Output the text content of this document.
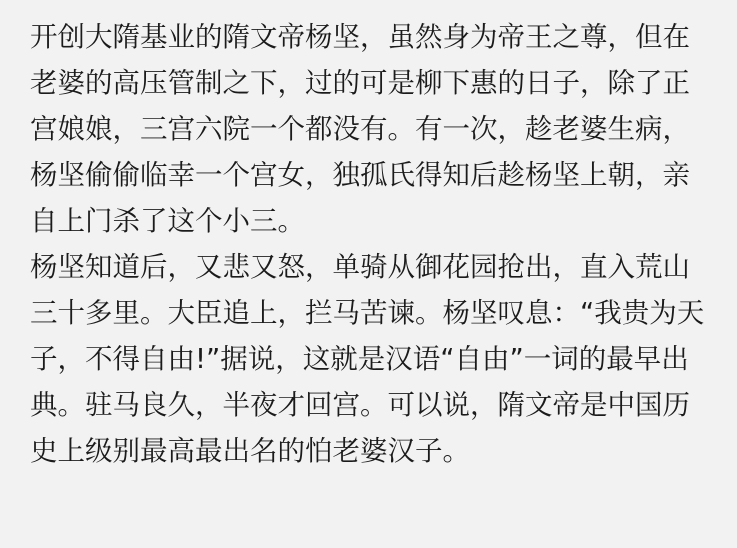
开创大隋基业的隋文帝杨坚，虽然身为帝王之尊，但在老婆的高压管制之下，过的可是柳下惠的日子，除了正宫娘娘，三宫六院一个都没有。有一次，趁老婆生病，杨坚偷偷临幸一个宫女，独孤氏得知后趁杨坚上朝，亲自上门杀了这个小三。

杨坚知道后，又悲又怒，单骑从御花园抢出，直入荒山三十多里。大臣追上，拦马苦谏。杨坚叹息：“我贵为天子，不得自由!”据说，这就是汉语“自由”一词的最早出典。驻马良久，半夜才回宫。可以说，隋文帝是中国历史上级别最高最出名的怕老婆汉子。
